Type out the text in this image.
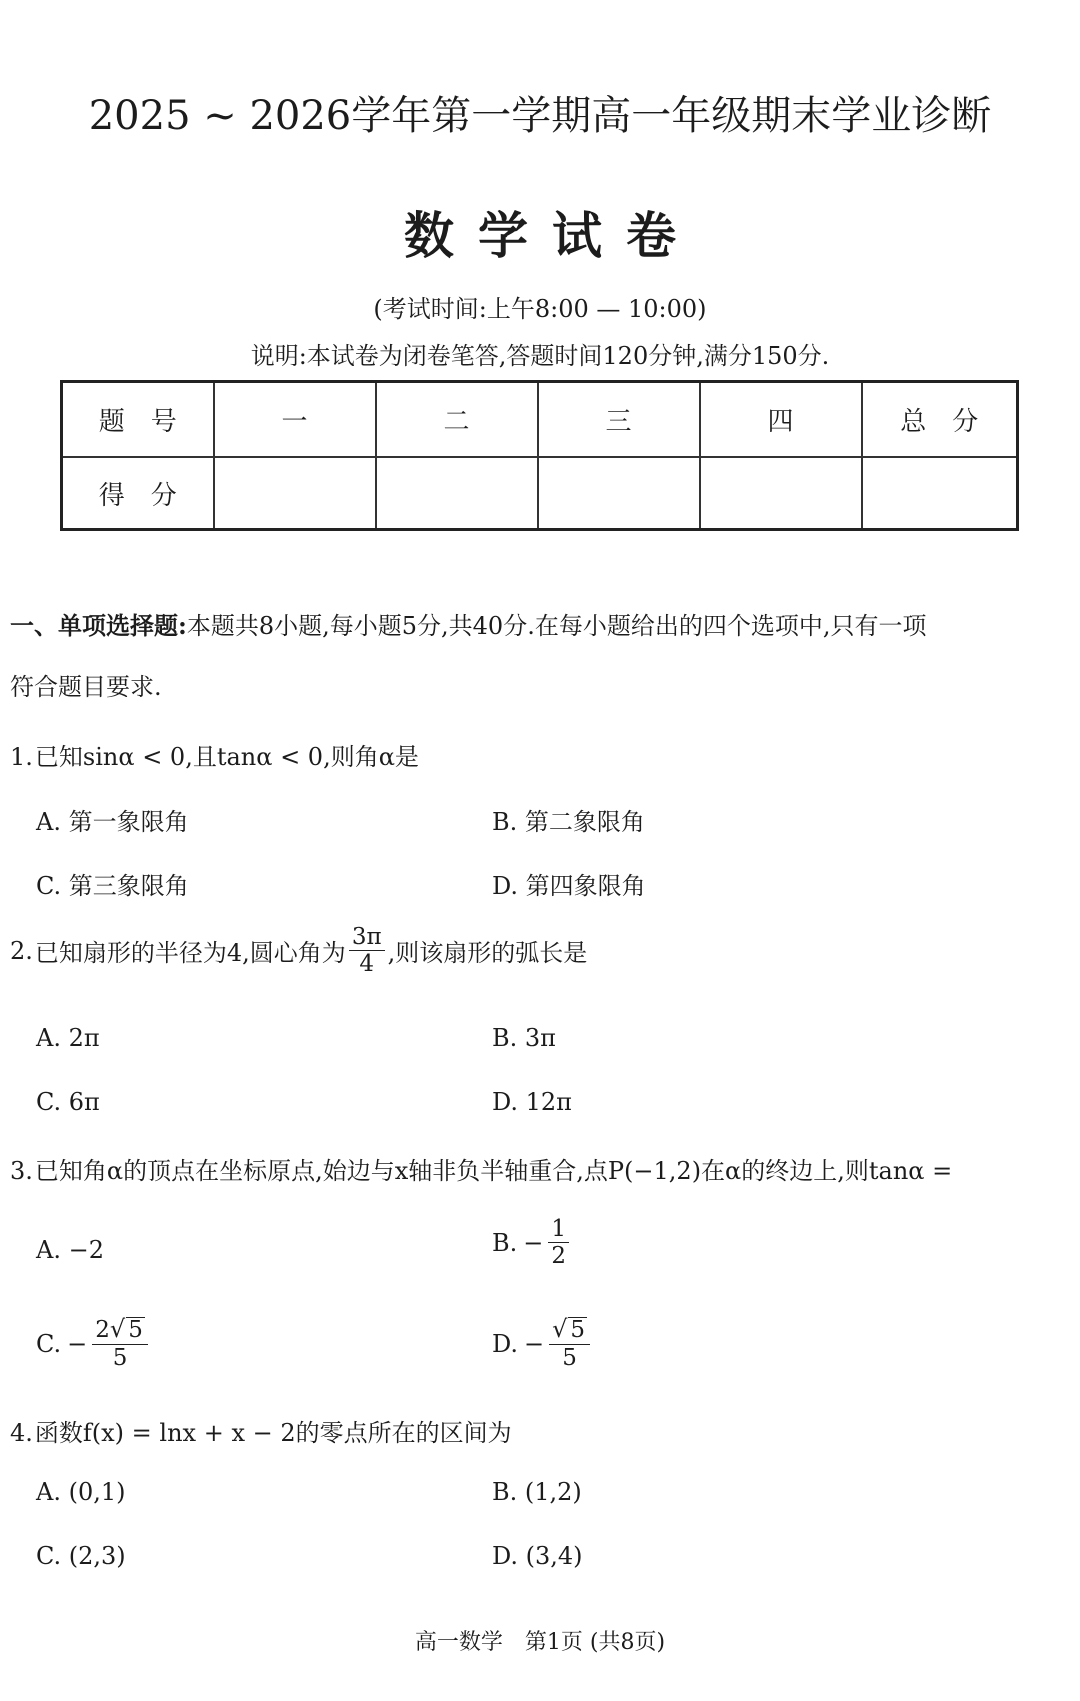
2025 ~ 2026学年第一学期高一年级期末学业诊断
数学试卷
(考试时间:上午8:00 — 10:00)
说明:本试卷为闭卷笔答,答题时间120分钟,满分150分.
题　号	一	二	三	四	总　分
得　分					
一、单项选择题:本题共8小题,每小题5分,共40分.在每小题给出的四个选项中,只有一项
符合题目要求.
1.已知sinα < 0,且tanα < 0,则角α是
A. 第一象限角	B. 第二象限角
C. 第三象限角	D. 第四象限角
2. 已知扇形的半径为4,圆心角为 $\frac{3\pi}{4}$ ,则该扇形的弧长是
A. 2π	B. 3π
C. 6π	D. 12π
3.已知角α的顶点在坐标原点,始边与x轴非负半轴重合,点P(−1,2)在α的终边上,则tanα =
A. −2	B. − $\frac{1}{2}$
C. − $\frac{2 √ 5}{5}$	D. − $\frac{√ 5}{5}$
4.函数f(x) = lnx + x − 2的零点所在的区间为
A. (0,1)	B. (1,2)
C. (2,3)	D. (3,4)
高一数学　第1页 (共8页)
